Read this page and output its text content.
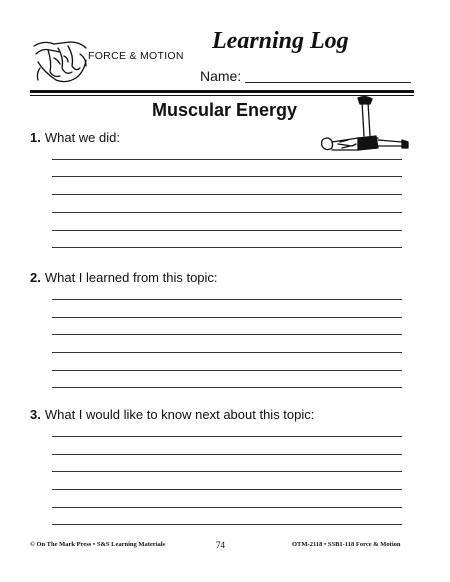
FORCE & MOTION
Learning Log
Name:
Muscular Energy
1. What we did:
2. What I learned from this topic:
3. What I would like to know next about this topic:
© On The Mark Press • S&S Learning Materials	74	OTM-2118 • SSB1-118 Force & Motion
